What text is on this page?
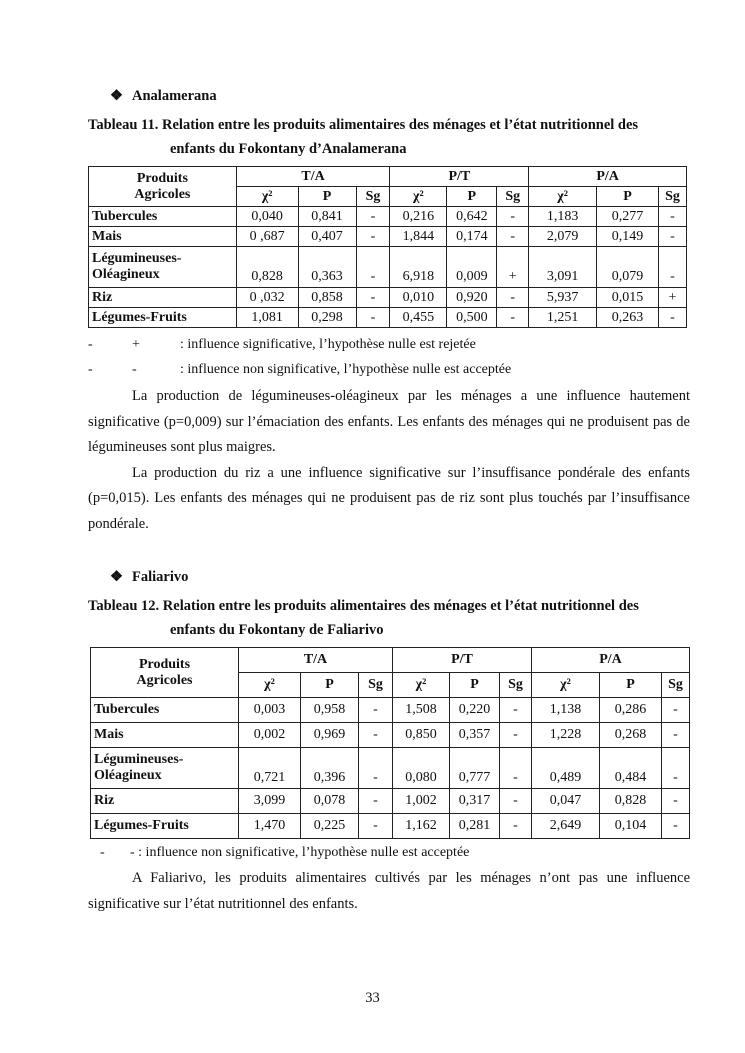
❖ Analamerana
Tableau 11. Relation entre les produits alimentaires des ménages et l’état nutritionnel des
enfants du Fokontany d’Analamerana
Produits
Agricoles	T/A			P/T			P/A		
	χ²	P	Sg	χ²	P	Sg	χ²	P	Sg
Tubercules	0,040	0,841	-	0,216	0,642	-	1,183	0,277	-
Mais	0 ,687	0,407	-	1,844	0,174	-	2,079	0,149	-
Légumineuses-
Oléagineux	0,828	0,363	-	6,918	0,009	+	3,091	0,079	-
Riz	0 ,032	0,858	-	0,010	0,920	-	5,937	0,015	+
Légumes-Fruits	1,081	0,298	-	0,455	0,500	-	1,251	0,263	-
-	+	: influence significative, l’hypothèse nulle est rejetée
-	-	: influence non significative, l’hypothèse nulle est acceptée

La production de légumineuses-oléagineux par les ménages a une influence hautement significative (p=0,009) sur l’émaciation des enfants. Les enfants des ménages qui ne produisent pas de légumineuses sont plus maigres.

La production du riz a une influence significative sur l’insuffisance pondérale des enfants (p=0,015). Les enfants des ménages qui ne produisent pas de riz sont plus touchés par l’insuffisance pondérale.

❖ Faliarivo
Tableau 12. Relation entre les produits alimentaires des ménages et l’état nutritionnel des
enfants du Fokontany de Faliarivo
Produits
Agricoles	T/A			P/T			P/A		
	χ²	P	Sg	χ²	P	Sg	χ²	P	Sg
Tubercules	0,003	0,958	-	1,508	0,220	-	1,138	0,286	-
Mais	0,002	0,969	-	0,850	0,357	-	1,228	0,268	-
Légumineuses-
Oléagineux	0,721	0,396	-	0,080	0,777	-	0,489	0,484	-
Riz	3,099	0,078	-	1,002	0,317	-	0,047	0,828	-
Légumes-Fruits	1,470	0,225	-	1,162	0,281	-	2,649	0,104	-
- - : influence non significative, l’hypothèse nulle est acceptée

A Faliarivo, les produits alimentaires cultivés par les ménages n’ont pas une influence significative sur l’état nutritionnel des enfants.

33
